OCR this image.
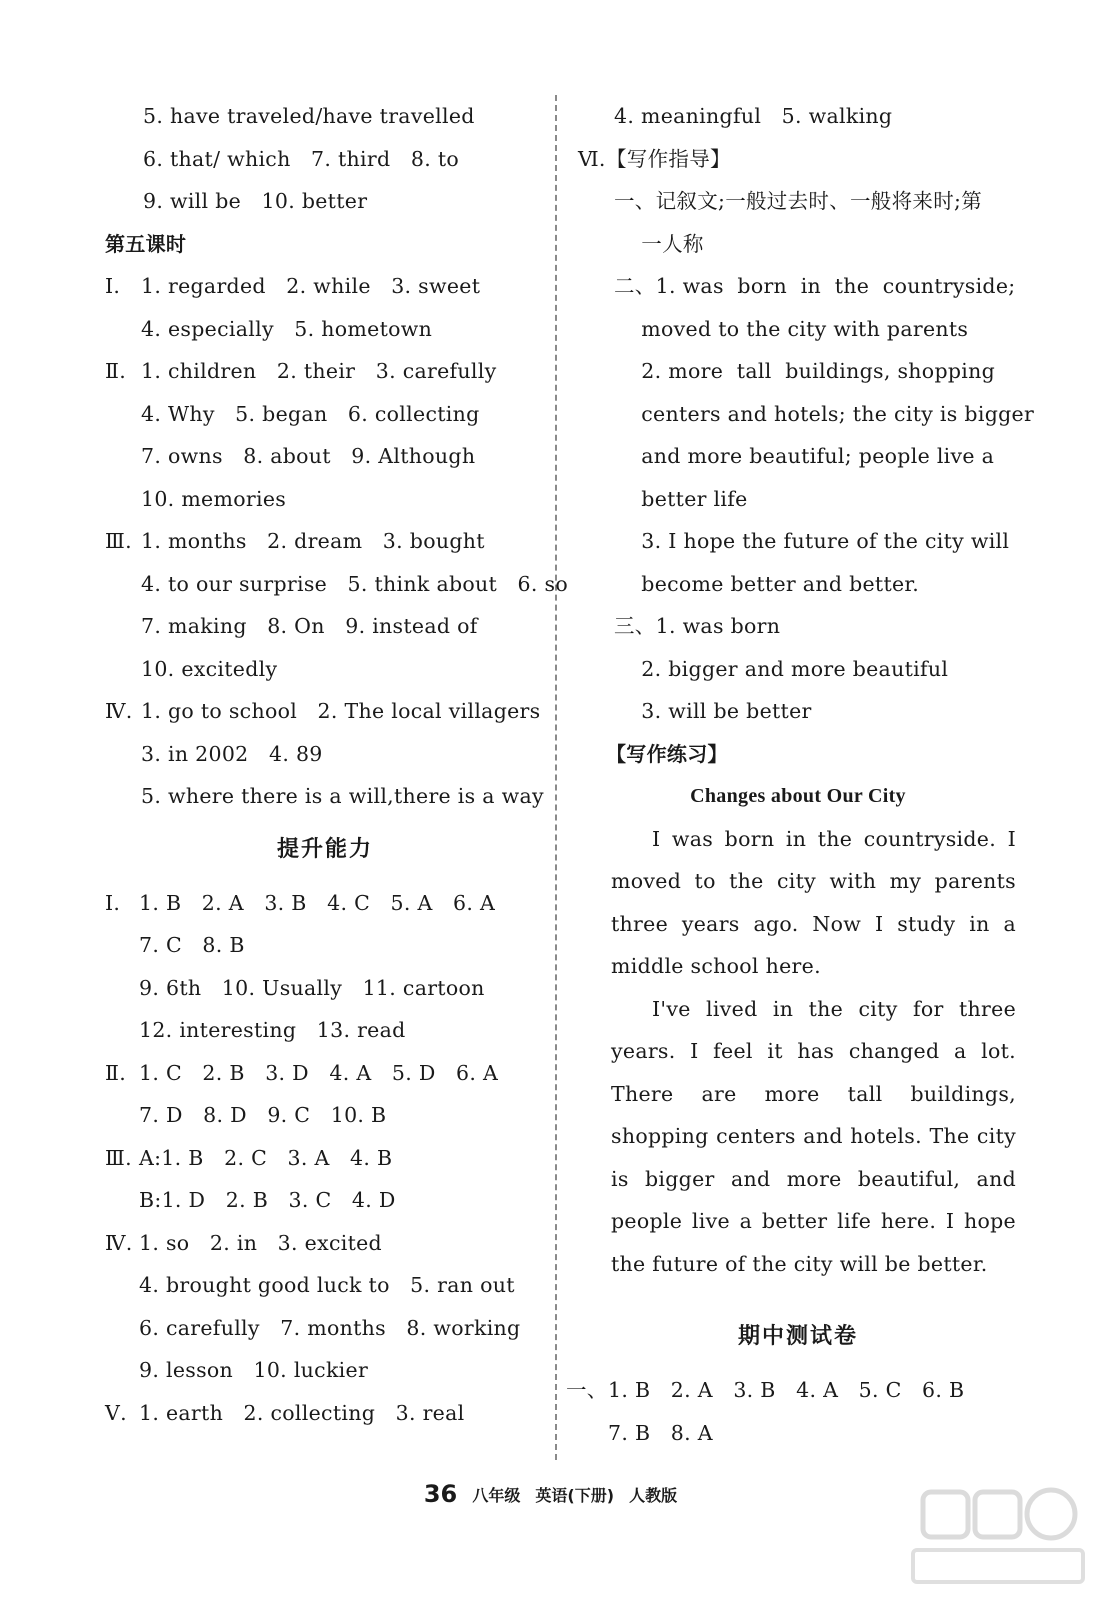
5. have traveled/have travelled
6. that/ which   7. third   8. to
9. will be   10. better
第五课时
Ⅰ. 1. regarded   2. while   3. sweet
4. especially   5. hometown
Ⅱ. 1. children   2. their   3. carefully
4. Why   5. began   6. collecting
7. owns   8. about   9. Although
10. memories
Ⅲ. 1. months   2. dream   3. bought
4. to our surprise   5. think about   6. so
7. making   8. On   9. instead of
10. excitedly
Ⅳ. 1. go to school   2. The local villagers
3. in 2002   4. 89
5. where there is a will,there is a way
提升能力
Ⅰ. 1. B   2. A   3. B   4. C   5. A   6. A
7. C   8. B
9. 6th   10. Usually   11. cartoon
12. interesting   13. read
Ⅱ. 1. C   2. B   3. D   4. A   5. D   6. A
7. D   8. D   9. C   10. B
Ⅲ. A:1. B   2. C   3. A   4. B
B:1. D   2. B   3. C   4. D
Ⅳ. 1. so   2. in   3. excited
4. brought good luck to   5. ran out
6. carefully   7. months   8. working
9. lesson   10. luckier
Ⅴ. 1. earth   2. collecting   3. real
4. meaningful   5. walking
Ⅵ. 【写作指导】
一、记叙文;一般过去时、一般将来时;第
一人称
二、1. was  born  in  the  countryside;
moved to the city with parents
2. more  tall  buildings, shopping
centers and hotels; the city is bigger
and more beautiful; people live a
better life
3. I hope the future of the city will
become better and better.
三、1. was born
2. bigger and more beautiful
3. will be better
【写作练习】
Changes about Our City
I was born in the countryside. I moved to the city with my parents three years ago. Now I study in a middle school here.
I've lived in the city for three years. I feel it has changed a lot. There are more tall buildings, shopping centers and hotels. The city is bigger and more beautiful, and people live a better life here. I hope the future of the city will be better.
期中测试卷
一、 1. B   2. A   3. B   4. A   5. C   6. B
7. B   8. A
36 八年级 英语(下册) 人教版
